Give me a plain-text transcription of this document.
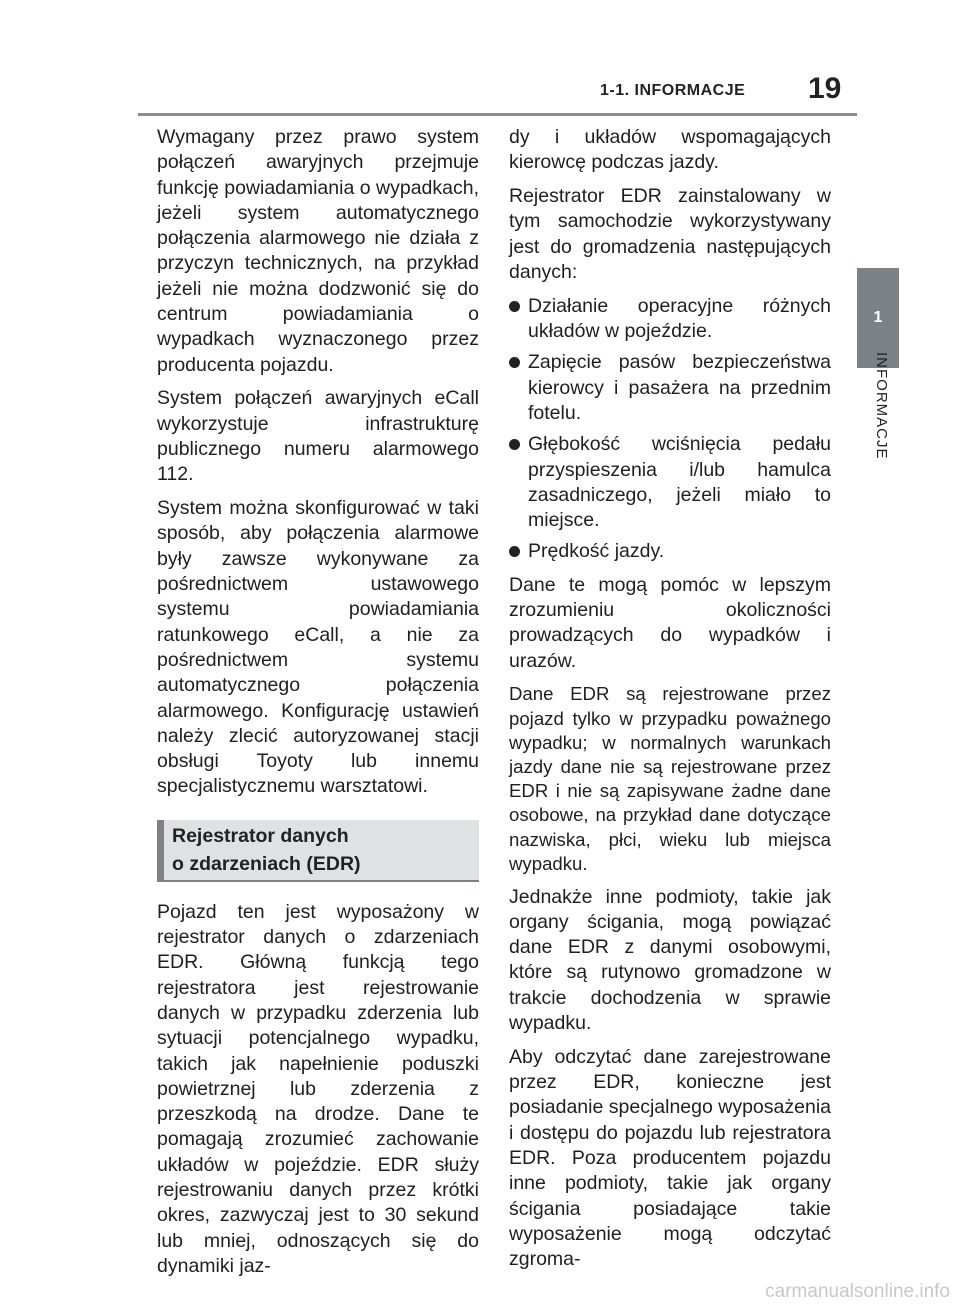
1-1. INFORMACJE	19
1
INFORMACJE

Wymagany przez prawo system połączeń awaryjnych przejmuje funkcję powiadamiania o wypadkach, jeżeli system automatycznego połączenia alarmowego nie działa z przyczyn technicznych, na przykład jeżeli nie można dodzwonić się do centrum powiadamiania o wypadkach wyznaczonego przez producenta pojazdu.

System połączeń awaryjnych eCall wykorzystuje infrastrukturę publicznego numeru alarmowego 112.

System można skonfigurować w taki sposób, aby połączenia alarmowe były zawsze wykonywane za pośrednictwem ustawowego systemu powiadamiania ratunkowego eCall, a nie za pośrednictwem systemu automatycznego połączenia alarmowego. Konfigurację ustawień należy zlecić autoryzowanej stacji obsługi Toyoty lub innemu specjalistycznemu warsztatowi.

Rejestrator danych
o zdarzeniach (EDR)

Pojazd ten jest wyposażony w rejestrator danych o zdarzeniach EDR. Główną funkcją tego rejestratora jest rejestrowanie danych w przypadku zderzenia lub sytuacji potencjalnego wypadku, takich jak napełnienie poduszki powietrznej lub zderzenia z przeszkodą na drodze. Dane te pomagają zrozumieć zachowanie układów w pojeździe. EDR służy rejestrowaniu danych przez krótki okres, zazwyczaj jest to 30 sekund lub mniej, odnoszących się do dynamiki jaz-

dy i układów wspomagających kierowcę podczas jazdy.

Rejestrator EDR zainstalowany w tym samochodzie wykorzystywany jest do gromadzenia następujących danych:

Działanie operacyjne różnych układów w pojeździe.
Zapięcie pasów bezpieczeństwa kierowcy i pasażera na przednim fotelu.
Głębokość wciśnięcia pedału przyspieszenia i/lub hamulca zasadniczego, jeżeli miało to miejsce.
Prędkość jazdy.

Dane te mogą pomóc w lepszym zrozumieniu okoliczności prowadzących do wypadków i urazów.

Dane EDR są rejestrowane przez pojazd tylko w przypadku poważnego wypadku; w normalnych warunkach jazdy dane nie są rejestrowane przez EDR i nie są zapisywane żadne dane osobowe, na przykład dane dotyczące nazwiska, płci, wieku lub miejsca wypadku.

Jednakże inne podmioty, takie jak organy ścigania, mogą powiązać dane EDR z danymi osobowymi, które są rutynowo gromadzone w trakcie dochodzenia w sprawie wypadku.

Aby odczytać dane zarejestrowane przez EDR, konieczne jest posiadanie specjalnego wyposażenia i dostępu do pojazdu lub rejestratora EDR. Poza producentem pojazdu inne podmioty, takie jak organy ścigania posiadające takie wyposażenie mogą odczytać zgroma-

carmanualsonline.info
